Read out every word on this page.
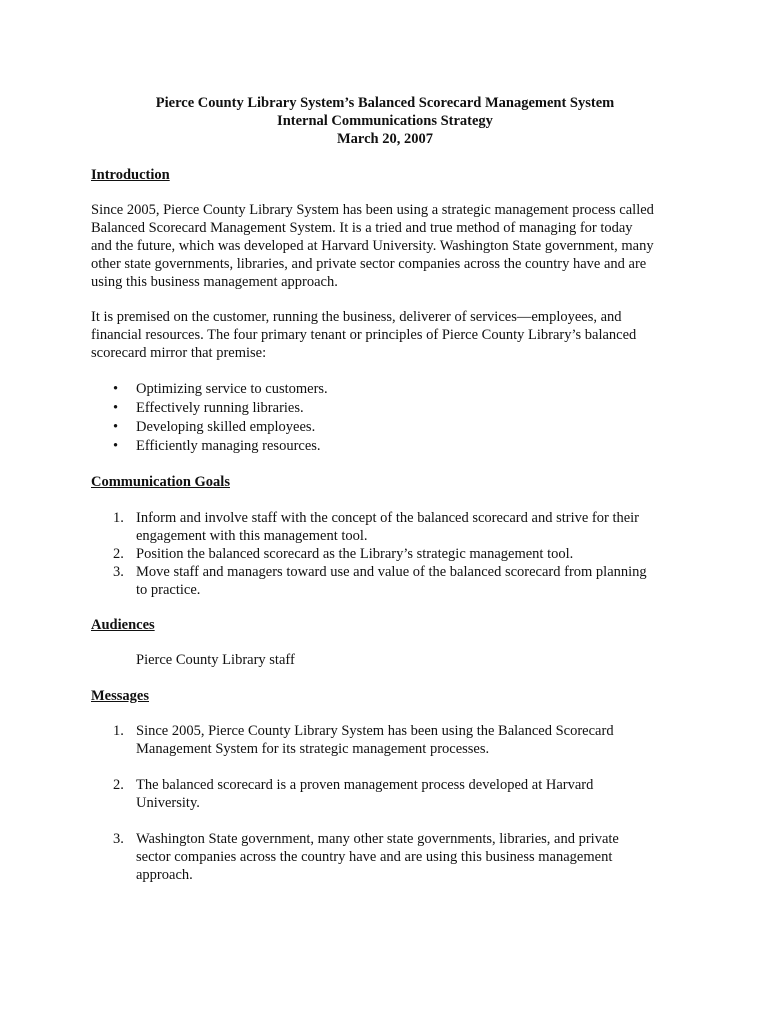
Pierce County Library System’s Balanced Scorecard Management System
Internal Communications Strategy
March 20, 2007
Introduction
Since 2005, Pierce County Library System has been using a strategic management process called
Balanced Scorecard Management System. It is a tried and true method of managing for today
and the future, which was developed at Harvard University. Washington State government, many
other state governments, libraries, and private sector companies across the country have and are
using this business management approach.
It is premised on the customer, running the business, deliverer of services—employees, and
financial resources. The four primary tenant or principles of Pierce County Library’s balanced
scorecard mirror that premise:
• Optimizing service to customers.
• Effectively running libraries.
• Developing skilled employees.
• Efficiently managing resources.
Communication Goals
1. Inform and involve staff with the concept of the balanced scorecard and strive for their
engagement with this management tool.
2. Position the balanced scorecard as the Library’s strategic management tool.
3. Move staff and managers toward use and value of the balanced scorecard from planning
to practice.
Audiences
Pierce County Library staff
Messages
1. Since 2005, Pierce County Library System has been using the Balanced Scorecard
Management System for its strategic management processes.
2. The balanced scorecard is a proven management process developed at Harvard
University.
3. Washington State government, many other state governments, libraries, and private
sector companies across the country have and are using this business management
approach.
